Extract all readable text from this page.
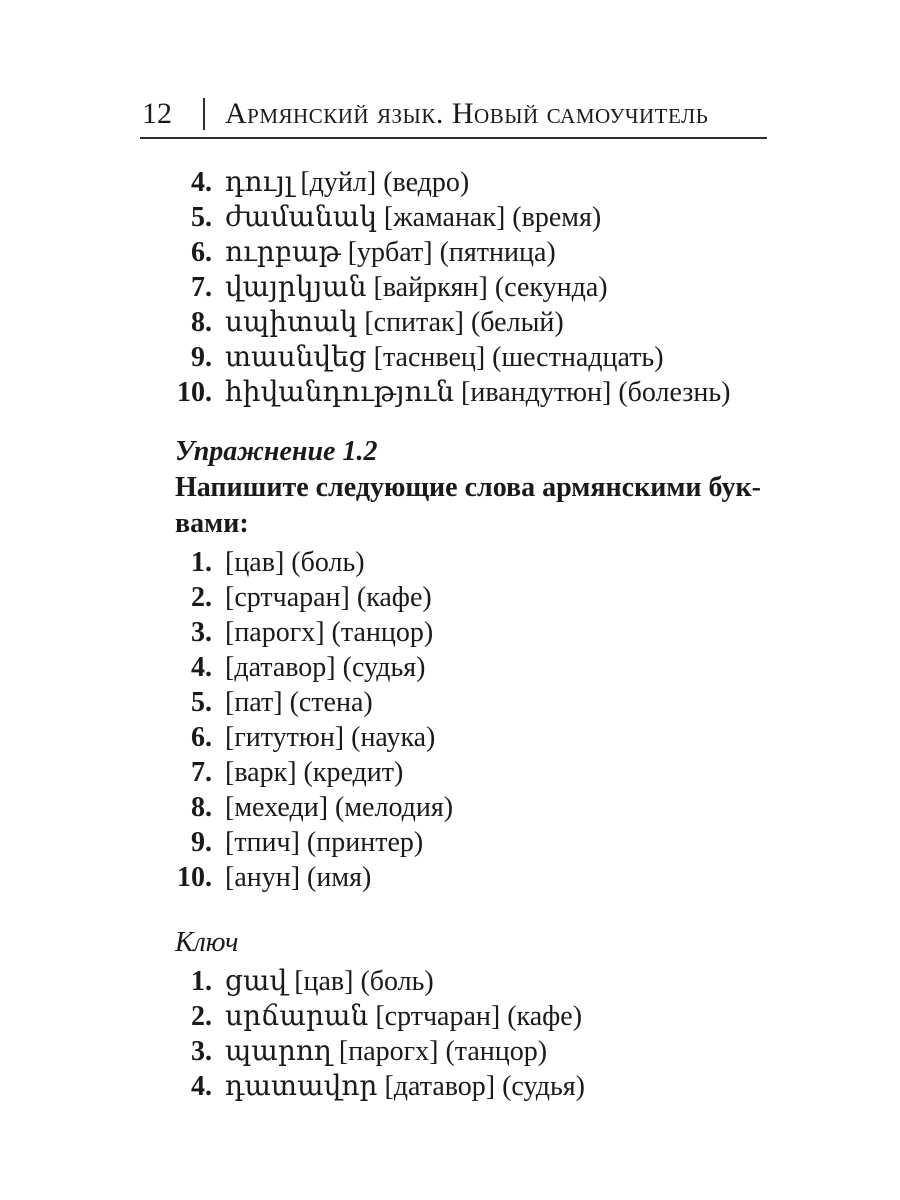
12	Армянский язык. Новый самоучитель
4. դույլ [дуйл] (ведро)
5. ժամանակ [жаманак] (время)
6. ուրբաթ [урбат] (пятница)
7. վայրկյան [вайркян] (секунда)
8. սպիտակ [спитак] (белый)
9. տասնվեց [таснвец] (шестнадцать)
10. հիվանդություն [ивандутюн] (болезнь)
Упражнение 1.2
Напишите следующие слова армянскими бук-
вами:
1. [цав] (боль)
2. [сртчаран] (кафе)
3. [парогх] (танцор)
4. [датавор] (судья)
5. [пат] (стена)
6. [гитутюн] (наука)
7. [варк] (кредит)
8. [мехеди] (мелодия)
9. [тпич] (принтер)
10. [анун] (имя)
Ключ
1. ցավ [цав] (боль)
2. սրճարան [сртчаран] (кафе)
3. պարող [парогх] (танцор)
4. դատավոր [датавор] (судья)
